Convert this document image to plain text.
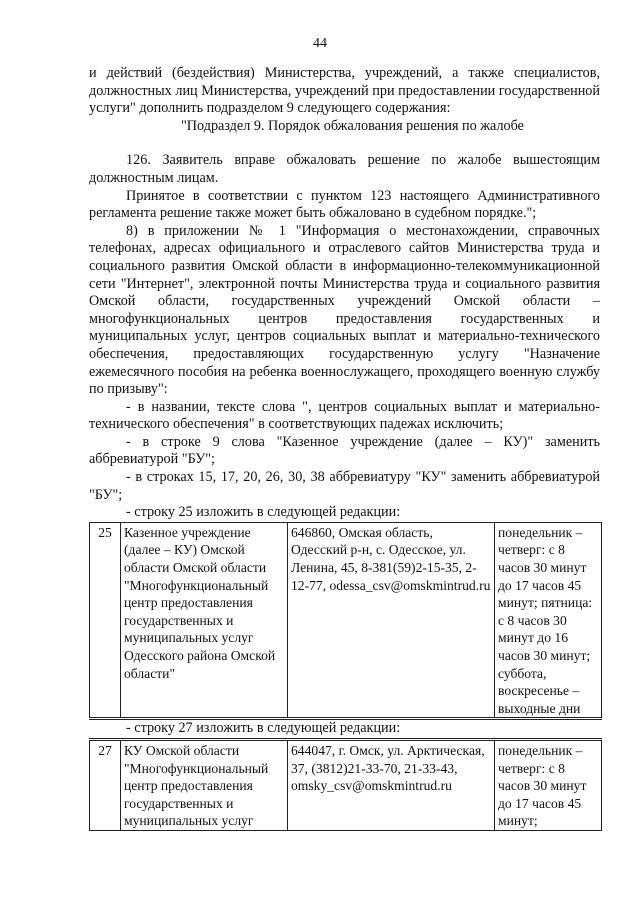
44

и действий (бездействия) Министерства, учреждений, а также специалистов, должностных лиц Министерства, учреждений при предоставлении государственной услуги" дополнить подразделом 9 следующего содержания:

"Подраздел 9. Порядок обжалования решения по жалобе

126. Заявитель вправе обжаловать решение по жалобе вышестоящим должностным лицам.

Принятое в соответствии с пунктом 123 настоящего Административного регламента решение также может быть обжаловано в судебном порядке.";

8) в приложении № 1 "Информация о местонахождении, справочных телефонах, адресах официального и отраслевого сайтов Министерства труда и социального развития Омской области в информационно-телекоммуникационной сети "Интернет", электронной почты Министерства труда и социального развития Омской области, государственных учреждений Омской области – многофункциональных центров предоставления государственных и муниципальных услуг, центров социальных выплат и материально-технического обеспечения, предоставляющих государственную услугу "Назначение ежемесячного пособия на ребенка военнослужащего, проходящего военную службу по призыву":

- в названии, тексте слова ", центров социальных выплат и материально-технического обеспечения" в соответствующих падежах исключить;

- в строке 9 слова "Казенное учреждение (далее – КУ)" заменить аббревиатурой "БУ";

- в строках 15, 17, 20, 26, 30, 38 аббревиатуру "КУ" заменить аббревиатурой "БУ";

- строку 25 изложить в следующей редакции:

25	Казенное учреждение (далее – КУ) Омской области Омской области "Многофункциональный центр предоставления государственных и муниципальных услуг Одесского района Омской области"	646860, Омская область, Одесский р-н, с. Одесское, ул. Ленина, 45, 8-381(59)2-15-35, 2-12-77, odessa_csv@omskmintrud.ru	понедельник – четверг: с 8 часов 30 минут до 17 часов 45 минут; пятница: с 8 часов 30 минут до 16 часов 30 минут; суббота, воскресенье – выходные дни

- строку 27 изложить в следующей редакции:

27	КУ Омской области "Многофункциональный центр предоставления государственных и муниципальных услуг	644047, г. Омск, ул. Арктическая, 37, (3812)21-33-70, 21-33-43, omsky_csv@omskmintrud.ru	понедельник – четверг: с 8 часов 30 минут до 17 часов 45 минут;
